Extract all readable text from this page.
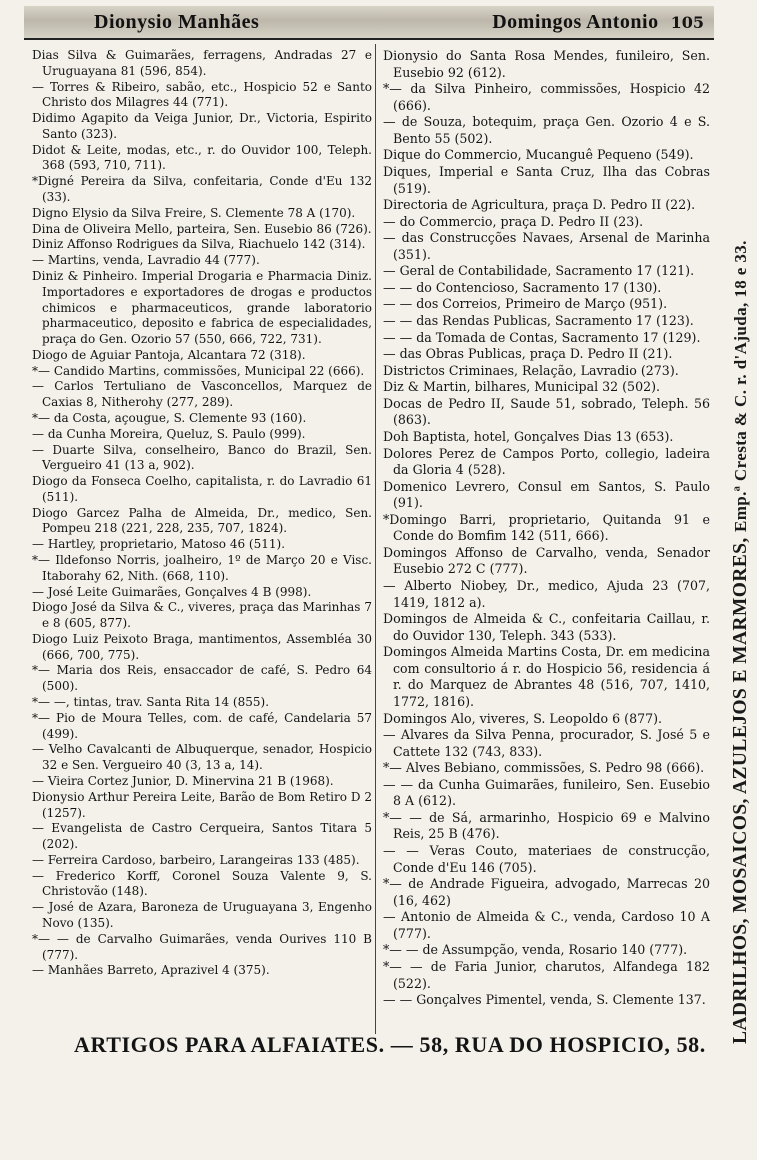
Dionysio Manhães	Domingos Antonio 105
Dias Silva & Guimarães, ferragens, Andradas 27 e Uruguayana 81 (596, 854).
— Torres & Ribeiro, sabão, etc., Hospicio 52 e Santo Christo dos Milagres 44 (771).
Didimo Agapito da Veiga Junior, Dr., Victoria, Espirito Santo (323).
Didot & Leite, modas, etc., r. do Ouvidor 100, Teleph. 368 (593, 710, 711).
*Digné Pereira da Silva, confeitaria, Conde d'Eu 132 (33).
Digno Elysio da Silva Freire, S. Clemente 78 A (170).
Dina de Oliveira Mello, parteira, Sen. Eusebio 86 (726).
Diniz Affonso Rodrigues da Silva, Riachuelo 142 (314).
— Martins, venda, Lavradio 44 (777).
Diniz & Pinheiro. Imperial Drogaria e Pharmacia Diniz. Importadores e exportadores de drogas e productos chimicos e pharmaceuticos, grande laboratorio pharmaceutico, deposito e fabrica de especialidades, praça do Gen. Ozorio 57 (550, 666, 722, 731).
Diogo de Aguiar Pantoja, Alcantara 72 (318).
*— Candido Martins, commissões, Municipal 22 (666).
— Carlos Tertuliano de Vasconcellos, Marquez de Caxias 8, Nitherohy (277, 289).
*— da Costa, açougue, S. Clemente 93 (160).
— da Cunha Moreira, Queluz, S. Paulo (999).
— Duarte Silva, conselheiro, Banco do Brazil, Sen. Vergueiro 41 (13 a, 902).
Diogo da Fonseca Coelho, capitalista, r. do Lavradio 61 (511).
Diogo Garcez Palha de Almeida, Dr., medico, Sen. Pompeu 218 (221, 228, 235, 707, 1824).
— Hartley, proprietario, Matoso 46 (511).
*— Ildefonso Norris, joalheiro, 1º de Março 20 e Visc. Itaborahy 62, Nith. (668, 110).
— José Leite Guimarães, Gonçalves 4 B (998).
Diogo José da Silva & C., viveres, praça das Marinhas 7 e 8 (605, 877).
Diogo Luiz Peixoto Braga, mantimentos, Assembléa 30 (666, 700, 775).
*— Maria dos Reis, ensaccador de café, S. Pedro 64 (500).
*— —, tintas, trav. Santa Rita 14 (855).
*— Pio de Moura Telles, com. de café, Candelaria 57 (499).
— Velho Cavalcanti de Albuquerque, senador, Hospicio 32 e Sen. Vergueiro 40 (3, 13 a, 14).
— Vieira Cortez Junior, D. Minervina 21 B (1968).
Dionysio Arthur Pereira Leite, Barão de Bom Retiro D 2 (1257).
— Evangelista de Castro Cerqueira, Santos Titara 5 (202).
— Ferreira Cardoso, barbeiro, Larangeiras 133 (485).
— Frederico Korff, Coronel Souza Valente 9, S. Christovão (148).
— José de Azara, Baroneza de Uruguayana 3, Engenho Novo (135).
*— — de Carvalho Guimarães, venda Ourives 110 B (777).
— Manhães Barreto, Aprazivel 4 (375).
Dionysio do Santa Rosa Mendes, funileiro, Sen. Eusebio 92 (612).
*— da Silva Pinheiro, commissões, Hospicio 42 (666).
— de Souza, botequim, praça Gen. Ozorio 4 e S. Bento 55 (502).
Dique do Commercio, Mucanguê Pequeno (549).
Diques, Imperial e Santa Cruz, Ilha das Cobras (519).
Directoria de Agricultura, praça D. Pedro II (22).
— do Commercio, praça D. Pedro II (23).
— das Construcções Navaes, Arsenal de Marinha (351).
— Geral de Contabilidade, Sacramento 17 (121).
— — do Contencioso, Sacramento 17 (130).
— — dos Correios, Primeiro de Março (951).
— — das Rendas Publicas, Sacramento 17 (123).
— — da Tomada de Contas, Sacramento 17 (129).
— das Obras Publicas, praça D. Pedro II (21).
Districtos Criminaes, Relação, Lavradio (273).
Diz & Martin, bilhares, Municipal 32 (502).
Docas de Pedro II, Saude 51, sobrado, Teleph. 56 (863).
Doh Baptista, hotel, Gonçalves Dias 13 (653).
Dolores Perez de Campos Porto, collegio, ladeira da Gloria 4 (528).
Domenico Levrero, Consul em Santos, S. Paulo (91).
*Domingo Barri, proprietario, Quitanda 91 e Conde do Bomfim 142 (511, 666).
Domingos Affonso de Carvalho, venda, Senador Eusebio 272 C (777).
— Alberto Niobey, Dr., medico, Ajuda 23 (707, 1419, 1812 a).
Domingos de Almeida & C., confeitaria Caillau, r. do Ouvidor 130, Teleph. 343 (533).
Domingos Almeida Martins Costa, Dr. em medicina com consultorio á r. do Hospicio 56, residencia á r. do Marquez de Abrantes 48 (516, 707, 1410, 1772, 1816).
Domingos Alo, viveres, S. Leopoldo 6 (877).
— Alvares da Silva Penna, procurador, S. José 5 e Cattete 132 (743, 833).
*— Alves Bebiano, commissões, S. Pedro 98 (666).
— — da Cunha Guimarães, funileiro, Sen. Eusebio 8 A (612).
*— — de Sá, armarinho, Hospicio 69 e Malvino Reis, 25 B (476).
— — Veras Couto, materiaes de construcção, Conde d'Eu 146 (705).
*— de Andrade Figueira, advogado, Marrecas 20 (16, 462)
— Antonio de Almeida & C., venda, Cardoso 10 A (777).
*— — de Assumpção, venda, Rosario 140 (777).
*— — de Faria Junior, charutos, Alfandega 182 (522).
— — Gonçalves Pimentel, venda, S. Clemente 137. LADRILHOS, MOSAICOS, AZULEJOS E MARMORES, Emp.ª Cresta & C. r. d'Ajuda, 18 e 33.
ARTIGOS PARA ALFAIATES. — 58, RUA DO HOSPICIO, 58.
